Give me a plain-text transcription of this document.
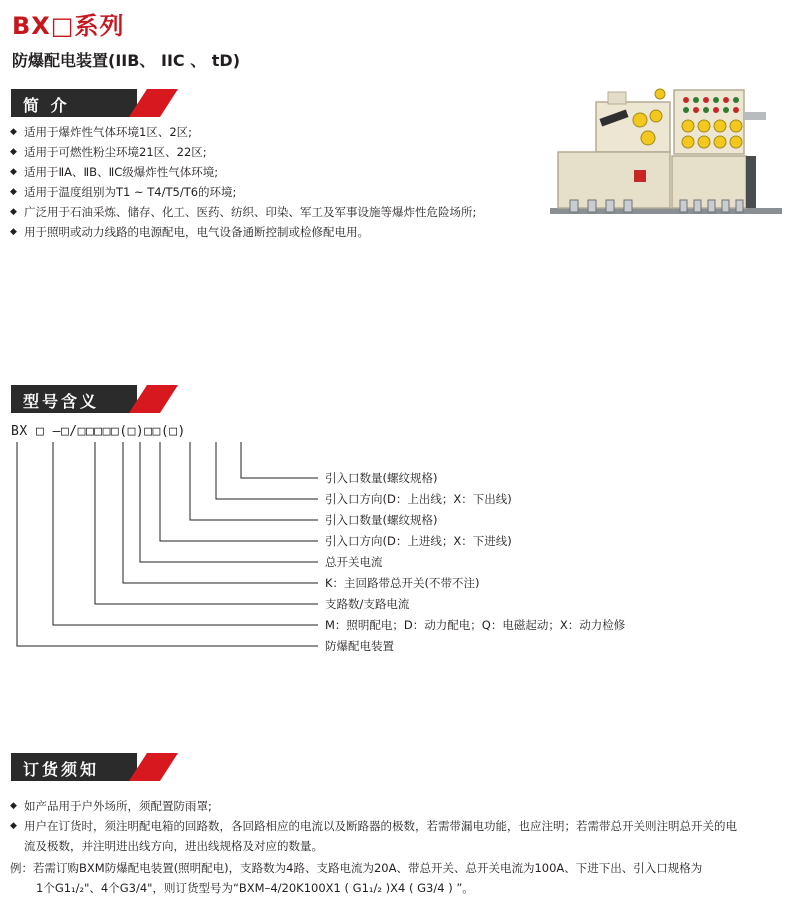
BX□系列
防爆配电装置(IIB、 IIC 、 tD)
简 介
◆ 适用于爆炸性气体环境1区、2区;
◆ 适用于可燃性粉尘环境21区、22区;
◆ 适用于ⅡA、ⅡB、ⅡC级爆炸性气体环境;
◆ 适用于温度组别为T1 ~ T4/T5/T6的环境;
◆ 广泛用于石油采炼、储存、化工、医药、纺织、印染、军工及军事设施等爆炸性危险场所;
◆ 用于照明或动力线路的电源配电，电气设备通断控制或检修配电用。
型号含义
BX □ –□/□□□□□(□)□□(□)
引入口数量(螺纹规格)
引入口方向(D：上出线；X：下出线)
引入口数量(螺纹规格)
引入口方向(D：上进线；X：下进线)
总开关电流
K：主回路带总开关(不带不注)
支路数/支路电流
M：照明配电；D：动力配电；Q：电磁起动；X：动力检修
防爆配电装置
订货须知
◆ 如产品用于户外场所，须配置防雨罩;
◆ 用户在订货时，须注明配电箱的回路数，各回路相应的电流以及断路器的极数，若需带漏电功能，也应注明；若需带总开关则注明总开关的电
流及极数，并注明进出线方向，进出线规格及对应的数量。
例：若需订购BXM防爆配电装置(照明配电)，支路数为4路、支路电流为20A、带总开关、总开关电流为100A、下进下出、引入口规格为
1个G1₁/₂"、4个G3/4"，则订货型号为“BXM–4/20K100X1 ( G1₁/₂ )X4 ( G3/4 ) ”。
